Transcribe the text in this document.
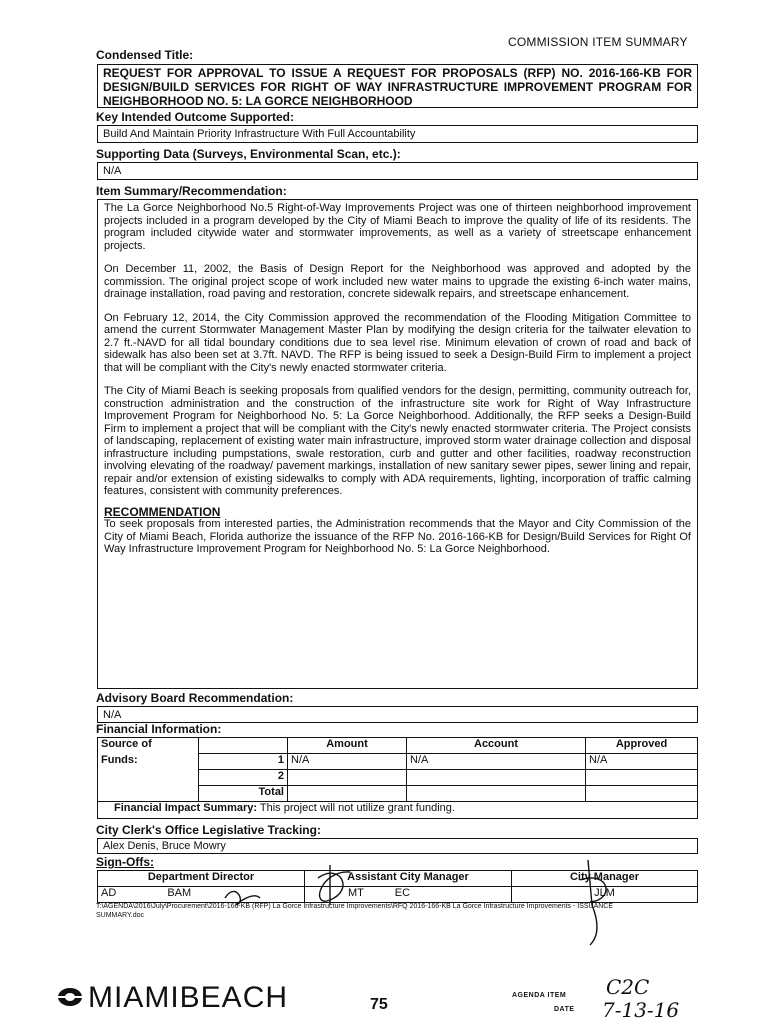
COMMISSION ITEM SUMMARY
Condensed Title:
REQUEST FOR APPROVAL TO ISSUE A REQUEST FOR PROPOSALS (RFP) NO. 2016-166-KB FOR DESIGN/BUILD SERVICES FOR RIGHT OF WAY INFRASTRUCTURE IMPROVEMENT PROGRAM FOR NEIGHBORHOOD NO. 5: LA GORCE NEIGHBORHOOD
Key Intended Outcome Supported:
Build And Maintain Priority Infrastructure With Full Accountability
Supporting Data (Surveys, Environmental Scan, etc.):
N/A
Item Summary/Recommendation:

The La Gorce Neighborhood No.5 Right-of-Way Improvements Project was one of thirteen neighborhood improvement projects included in a program developed by the City of Miami Beach to improve the quality of life of its residents. The program included citywide water and stormwater improvements, as well as a variety of streetscape enhancement projects.

On December 11, 2002, the Basis of Design Report for the Neighborhood was approved and adopted by the commission. The original project scope of work included new water mains to upgrade the existing 6-inch water mains, drainage installation, road paving and restoration, concrete sidewalk repairs, and streetscape enhancement.

On February 12, 2014, the City Commission approved the recommendation of the Flooding Mitigation Committee to amend the current Stormwater Management Master Plan by modifying the design criteria for the tailwater elevation to 2.7 ft.-NAVD for all tidal boundary conditions due to sea level rise. Minimum elevation of crown of road and back of sidewalk has also been set at 3.7ft. NAVD. The RFP is being issued to seek a Design-Build Firm to implement a project that will be compliant with the City's newly enacted stormwater criteria.

The City of Miami Beach is seeking proposals from qualified vendors for the design, permitting, community outreach for, construction administration and the construction of the infrastructure site work for Right of Way Infrastructure Improvement Program for Neighborhood No. 5: La Gorce Neighborhood. Additionally, the RFP seeks a Design-Build Firm to implement a project that will be compliant with the City's newly enacted stormwater criteria. The Project consists of landscaping, replacement of existing water main infrastructure, improved storm water drainage collection and disposal infrastructure including pumpstations, swale restoration, curb and gutter and other facilities, roadway reconstruction involving elevating of the roadway/ pavement markings, installation of new sanitary sewer pipes, sewer lining and repair, repair and/or extension of existing sidewalks to comply with ADA requirements, lighting, incorporation of traffic calming features, consistent with community preferences.

RECOMMENDATION
To seek proposals from interested parties, the Administration recommends that the Mayor and City Commission of the City of Miami Beach, Florida authorize the issuance of the RFP No. 2016-166-KB for Design/Build Services for Right Of Way Infrastructure Improvement Program for Neighborhood No. 5: La Gorce Neighborhood.
Advisory Board Recommendation:
N/A
Financial Information:
Source of		Amount	Account	Approved
Funds:	1	N/A	N/A	N/A
	2			
	Total			
Financial Impact Summary: This project will not utilize grant funding.				
City Clerk's Office Legislative Tracking:
Alex Denis, Bruce Mowry
Sign-Offs:
Department Director	Assistant City Manager	City Manager
AD BAM	MT EC	JLM
T:\AGENDA\2016\July\Procurement\2016-166-KB (RFP) La Gorce Infrastructure Improvements\RFQ 2016-166-KB La Gorce Infrastructure Improvements - ISSUANCE SUMMARY.doc
MIAMIBEACH	75
AGENDA ITEM
DATE
C2C
7-13-16
